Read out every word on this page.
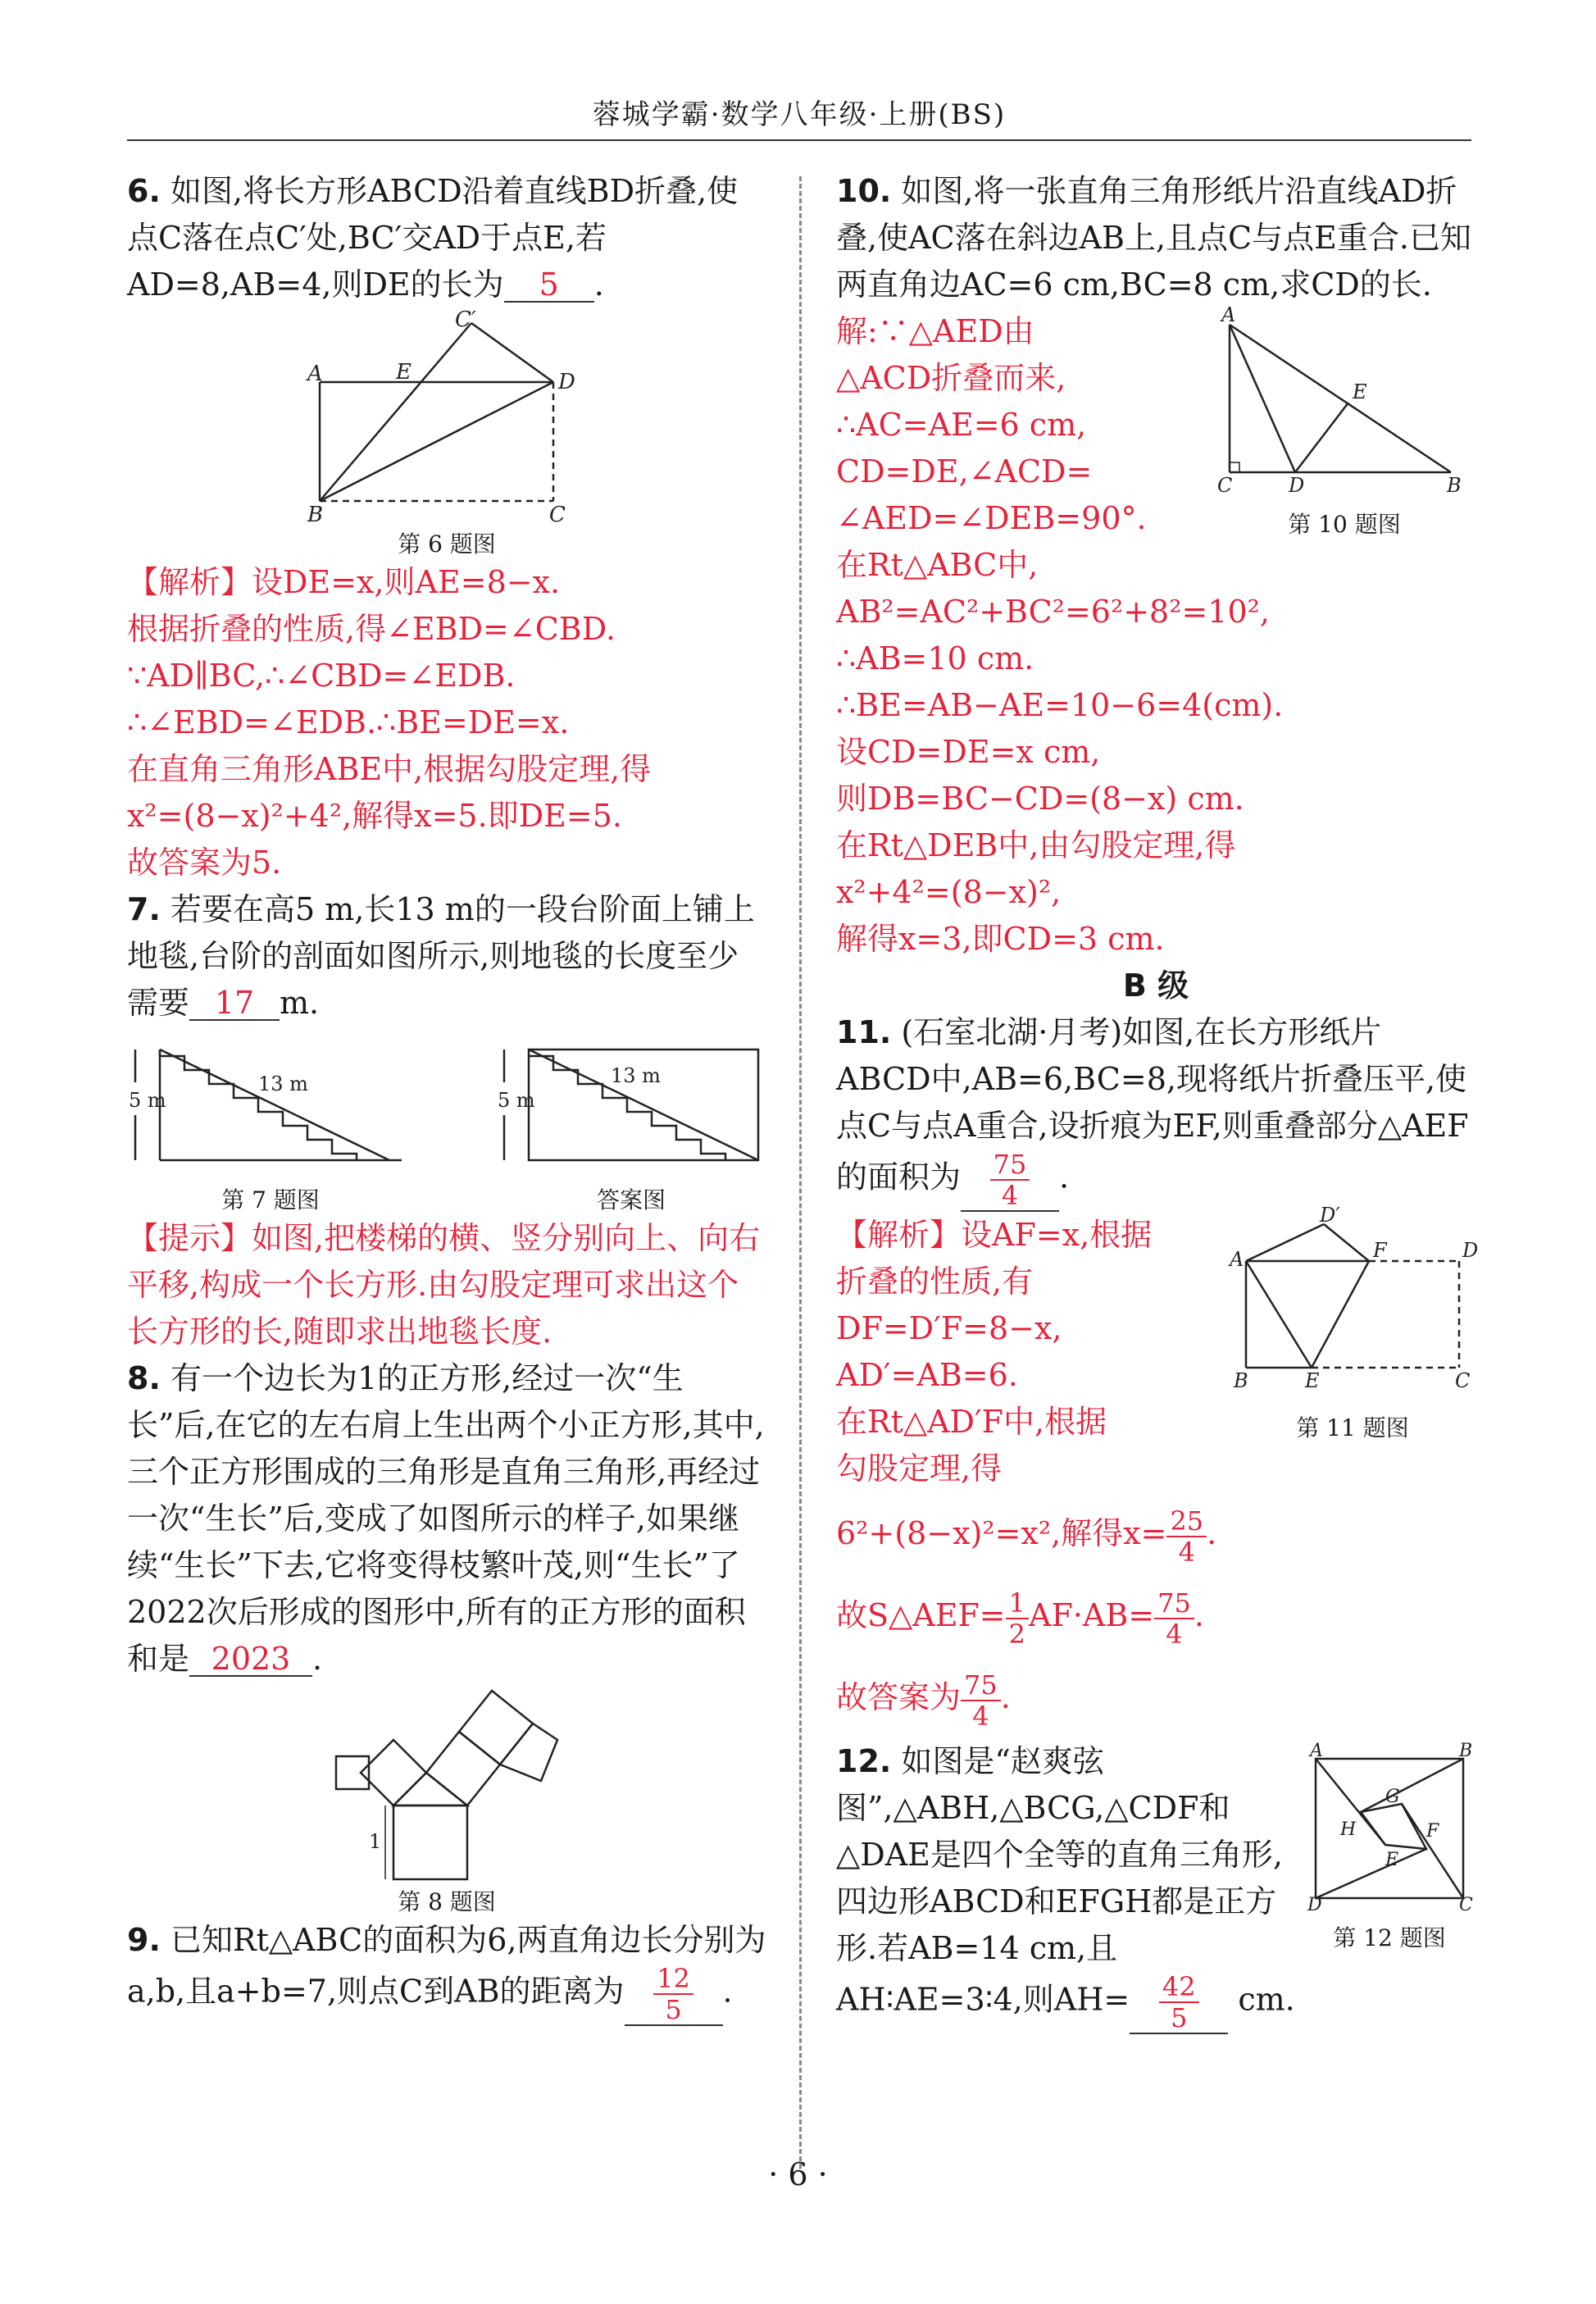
蓉城学霸·数学八年级·上册(BS)

6. 如图,将长方形ABCD沿着直线BD折叠,使点C落在点C′处,BC′交AD于点E,若AD=8,AB=4,则DE的长为 5 .

A
B	C
D
E
C′
第 6 题图

【解析】设DE=x,则AE=8−x.

根据折叠的性质,得∠EBD=∠CBD.

∵AD∥BC,∴∠CBD=∠EDB.

∴∠EBD=∠EDB.∴BE=DE=x.

在直角三角形ABE中,根据勾股定理,得

x²=(8−x)²+4²,解得x=5.即DE=5.

故答案为5.

7. 若要在高5 m,长13 m的一段台阶面上铺上地毯,台阶的剖面如图所示,则地毯的长度至少需要 17 m.

5 m
13 m
第 7 题图
5 m
13 m
答案图

【提示】如图,把楼梯的横、竖分别向上、向右平移,构成一个长方形.由勾股定理可求出这个长方形的长,随即求出地毯长度.

8. 有一个边长为1的正方形,经过一次“生长”后,在它的左右肩上生出两个小正方形,其中,三个正方形围成的三角形是直角三角形,再经过一次“生长”后,变成了如图所示的样子,如果继续“生长”下去,它将变得枝繁叶茂,则“生长”了2022次后形成的图形中,所有的正方形的面积和是 2023 .

1
第 8 题图

9. 已知Rt△ABC的面积为6,两直角边长分别为a,b,且a+b=7,则点C到AB的距离为 $\frac{12}{5}$ .

10. 如图,将一张直角三角形纸片沿直线AD折叠,使AC落在斜边AB上,且点C与点E重合.已知两直角边AC=6 cm,BC=8 cm,求CD的长.

A
C	D	B
E
第 10 题图

解:∵△AED由

△ACD折叠而来,

∴AC=AE=6 cm,

CD=DE,∠ACD=

∠AED=∠DEB=90°.

在Rt△ABC中,

AB²=AC²+BC²=6²+8²=10²,

∴AB=10 cm.

∴BE=AB−AE=10−6=4(cm).

设CD=DE=x cm,

则DB=BC−CD=(8−x) cm.

在Rt△DEB中,由勾股定理,得

x²+4²=(8−x)²,

解得x=3,即CD=3 cm.

B 级

11. (石室北湖·月考)如图,在长方形纸片ABCD中,AB=6,BC=8,现将纸片折叠压平,使点C与点A重合,设折痕为EF,则重叠部分△AEF的面积为 $\frac{75}{4}$ .

A
B	E	C
F	D
D′
第 11 题图

【解析】设AF=x,根据

折叠的性质,有

DF=D′F=8−x,

AD′=AB=6.

在Rt△AD′F中,根据

勾股定理,得

6²+(8−x)²=x²,解得$x= \frac{25}{4}$ .

故S△AEF= $\frac{1}{2} AF\cdot AB= \frac{75}{4}$ .

故答案为 $\frac{75}{4}$ .

A	B
C
D
E
F
G
H
第 12 题图

12. 如图是“赵爽弦图”,△ABH,△BCG,△CDF和△DAE是四个全等的直角三角形,四边形ABCD和EFGH都是正方形.若AB=14 cm,且AH∶AE=3∶4,则$AH= \frac{42}{5}$ cm.

· 6 ·
